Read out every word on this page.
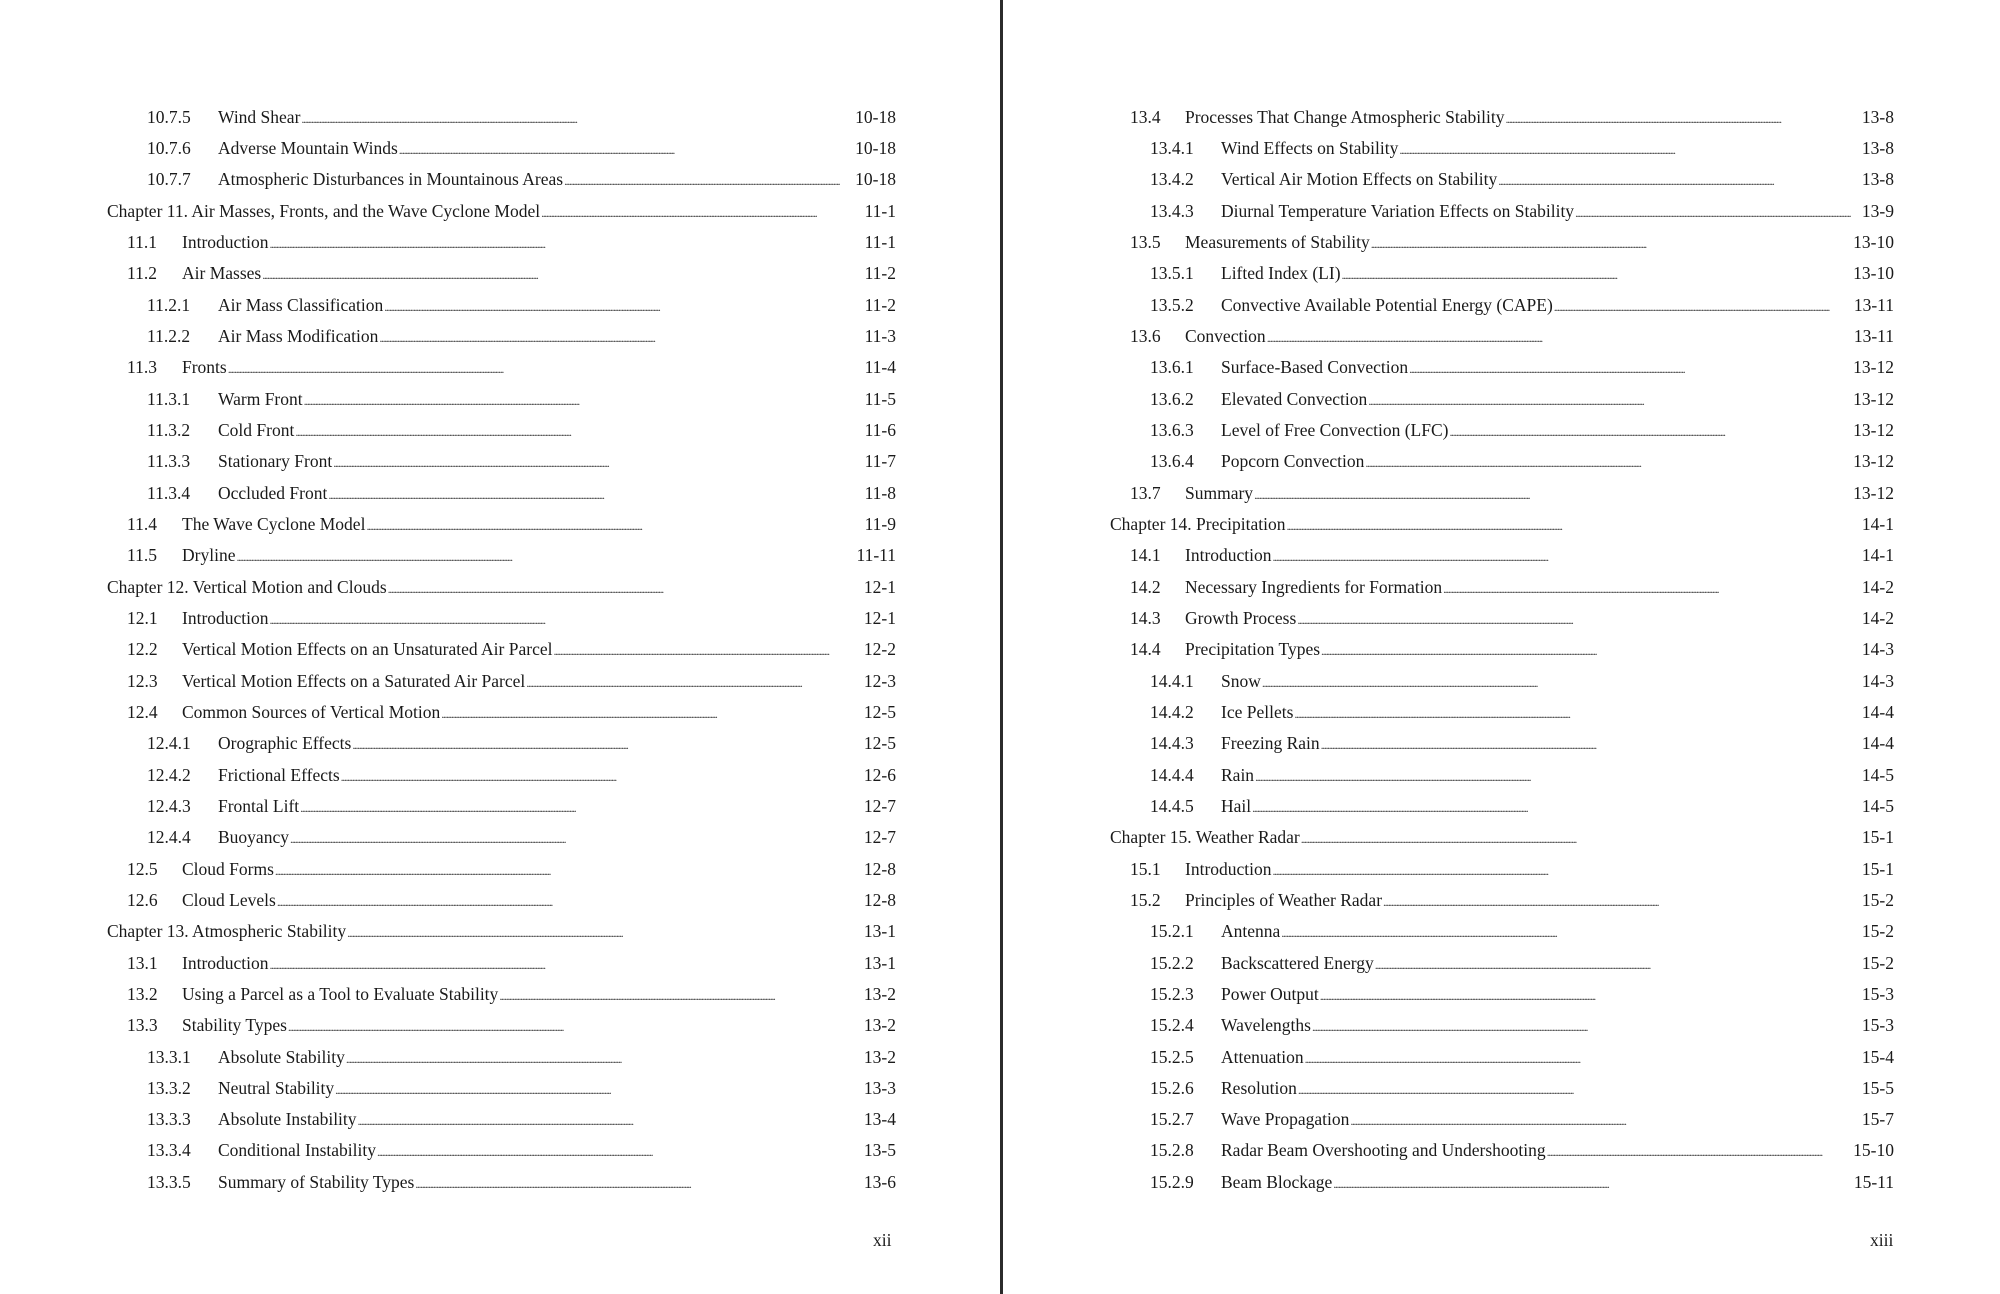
10.7.5	Wind Shear . . .	10-18
10.7.6	Adverse Mountain Winds . . .	10-18
10.7.7	Atmospheric Disturbances in Mountainous Areas . . .	10-18
Chapter 11. Air Masses, Fronts, and the Wave Cyclone Model . . .	11-1
11.1	Introduction . . .	11-1
11.2	Air Masses . . .	11-2
11.2.1	Air Mass Classification . . .	11-2
11.2.2	Air Mass Modification . . .	11-3
11.3	Fronts . . .	11-4
11.3.1	Warm Front . . .	11-5
11.3.2	Cold Front . . .	11-6
11.3.3	Stationary Front . . .	11-7
11.3.4	Occluded Front . . .	11-8
11.4	The Wave Cyclone Model . . .	11-9
11.5	Dryline . . .	11-11
Chapter 12. Vertical Motion and Clouds . . .	12-1
12.1	Introduction . . .	12-1
12.2	Vertical Motion Effects on an Unsaturated Air Parcel . . .	12-2
12.3	Vertical Motion Effects on a Saturated Air Parcel . . .	12-3
12.4	Common Sources of Vertical Motion . . .	12-5
12.4.1	Orographic Effects . . .	12-5
12.4.2	Frictional Effects . . .	12-6
12.4.3	Frontal Lift . . .	12-7
12.4.4	Buoyancy . . .	12-7
12.5	Cloud Forms . . .	12-8
12.6	Cloud Levels . . .	12-8
Chapter 13. Atmospheric Stability . . .	13-1
13.1	Introduction . . .	13-1
13.2	Using a Parcel as a Tool to Evaluate Stability . . .	13-2
13.3	Stability Types . . .	13-2
13.3.1	Absolute Stability . . .	13-2
13.3.2	Neutral Stability . . .	13-3
13.3.3	Absolute Instability . . .	13-4
13.3.4	Conditional Instability . . .	13-5
13.3.5	Summary of Stability Types . . .	13-6
xii
13.4	Processes That Change Atmospheric Stability . . .	13-8
13.4.1	Wind Effects on Stability . . .	13-8
13.4.2	Vertical Air Motion Effects on Stability . . .	13-8
13.4.3	Diurnal Temperature Variation Effects on Stability . . .	13-9
13.5	Measurements of Stability . . .	13-10
13.5.1	Lifted Index (LI) . . .	13-10
13.5.2	Convective Available Potential Energy (CAPE) . . .	13-11
13.6	Convection . . .	13-11
13.6.1	Surface-Based Convection . . .	13-12
13.6.2	Elevated Convection . . .	13-12
13.6.3	Level of Free Convection (LFC) . . .	13-12
13.6.4	Popcorn Convection . . .	13-12
13.7	Summary . . .	13-12
Chapter 14. Precipitation . . .	14-1
14.1	Introduction . . .	14-1
14.2	Necessary Ingredients for Formation . . .	14-2
14.3	Growth Process . . .	14-2
14.4	Precipitation Types . . .	14-3
14.4.1	Snow . . .	14-3
14.4.2	Ice Pellets . . .	14-4
14.4.3	Freezing Rain . . .	14-4
14.4.4	Rain . . .	14-5
14.4.5	Hail . . .	14-5
Chapter 15. Weather Radar . . .	15-1
15.1	Introduction . . .	15-1
15.2	Principles of Weather Radar . . .	15-2
15.2.1	Antenna . . .	15-2
15.2.2	Backscattered Energy . . .	15-2
15.2.3	Power Output . . .	15-3
15.2.4	Wavelengths . . .	15-3
15.2.5	Attenuation . . .	15-4
15.2.6	Resolution . . .	15-5
15.2.7	Wave Propagation . . .	15-7
15.2.8	Radar Beam Overshooting and Undershooting . . .	15-10
15.2.9	Beam Blockage . . .	15-11
xiii
